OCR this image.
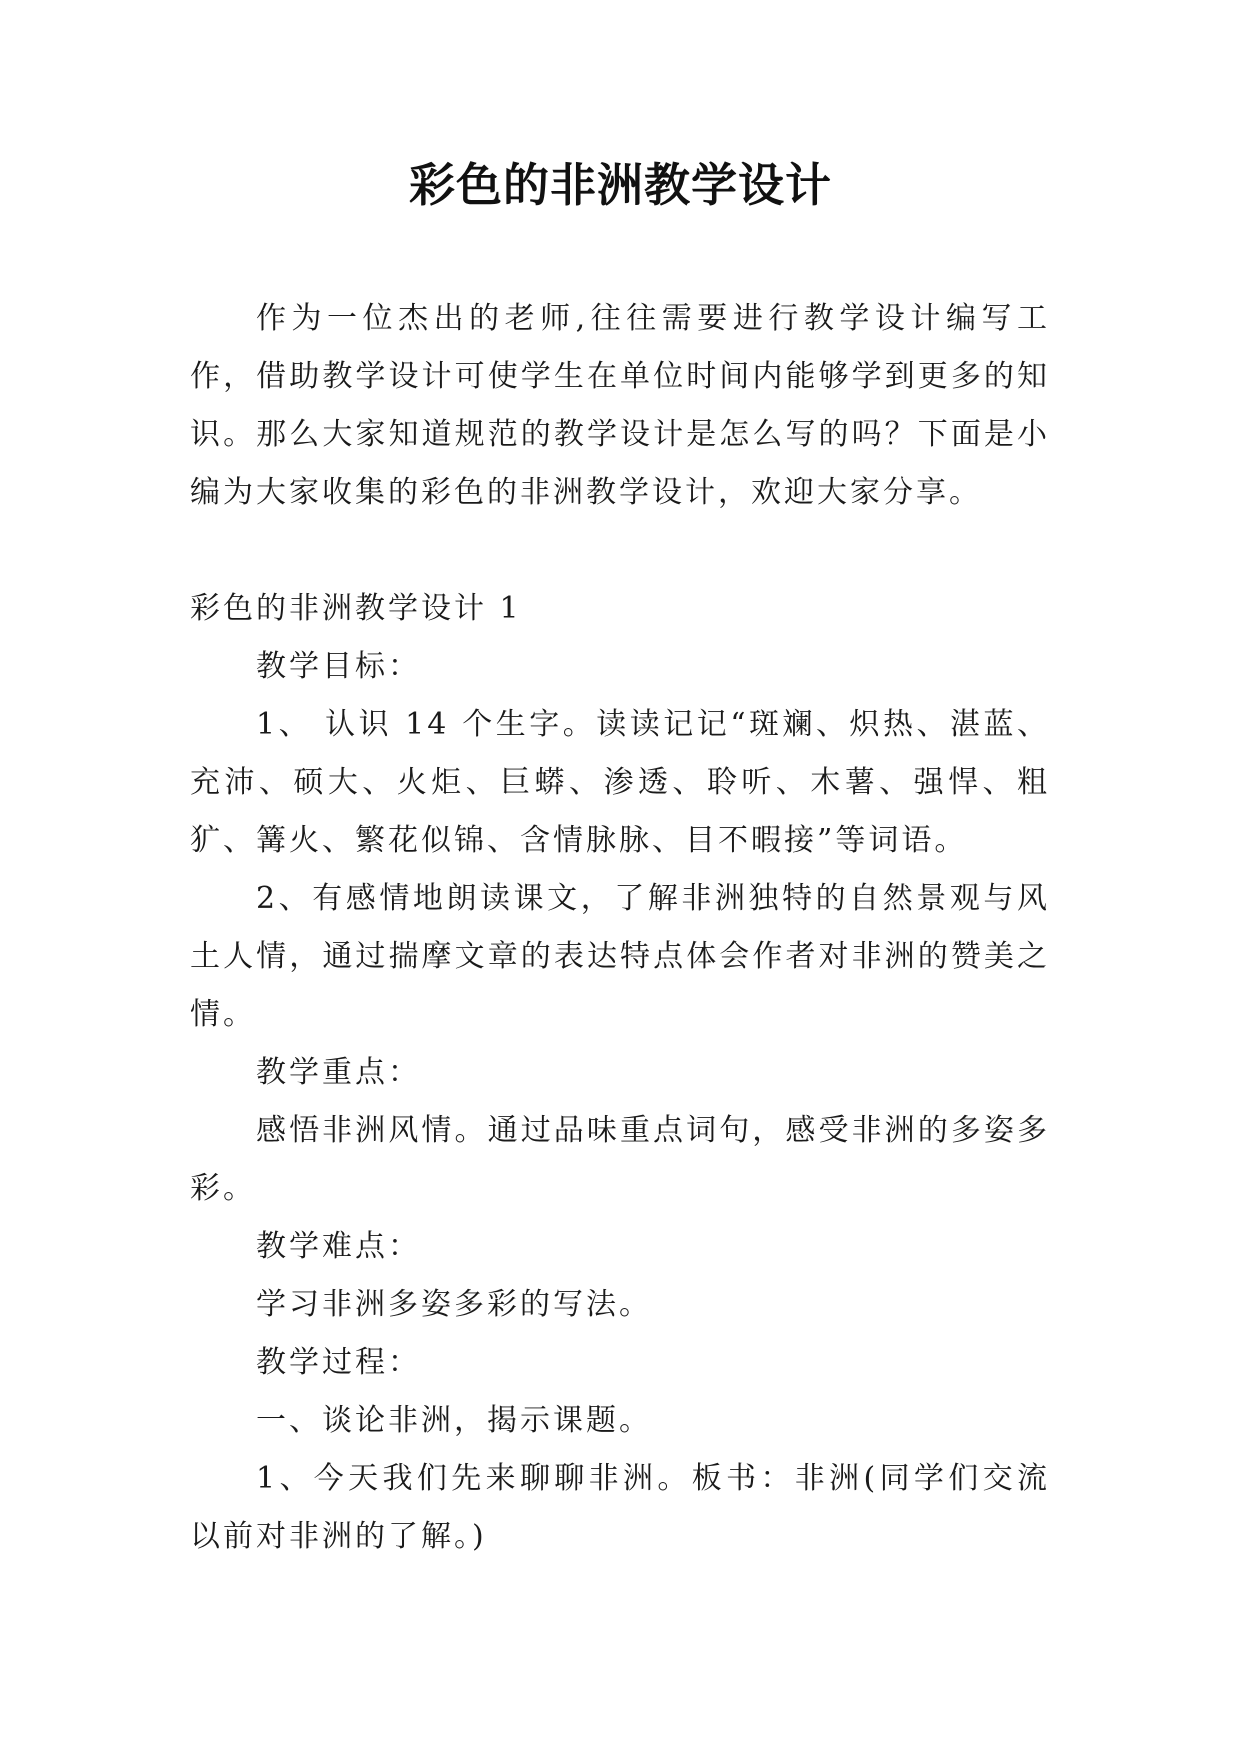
彩色的非洲教学设计

作为一位杰出的老师,往往需要进行教学设计编写工作，借助教学设计可使学生在单位时间内能够学到更多的知识。那么大家知道规范的教学设计是怎么写的吗？下面是小编为大家收集的彩色的非洲教学设计，欢迎大家分享。

彩色的非洲教学设计 1

教学目标：

1、 认识 14 个生字。读读记记“斑斓、炽热、湛蓝、充沛、硕大、火炬、巨蟒、渗透、聆听、木薯、强悍、粗犷、篝火、繁花似锦、含情脉脉、目不暇接”等词语。

2、有感情地朗读课文，了解非洲独特的自然景观与风土人情，通过揣摩文章的表达特点体会作者对非洲的赞美之情。

教学重点：

感悟非洲风情。通过品味重点词句，感受非洲的多姿多彩。

教学难点：

学习非洲多姿多彩的写法。

教学过程：

一、谈论非洲，揭示课题。

1、今天我们先来聊聊非洲。板书：非洲(同学们交流以前对非洲的了解。)
